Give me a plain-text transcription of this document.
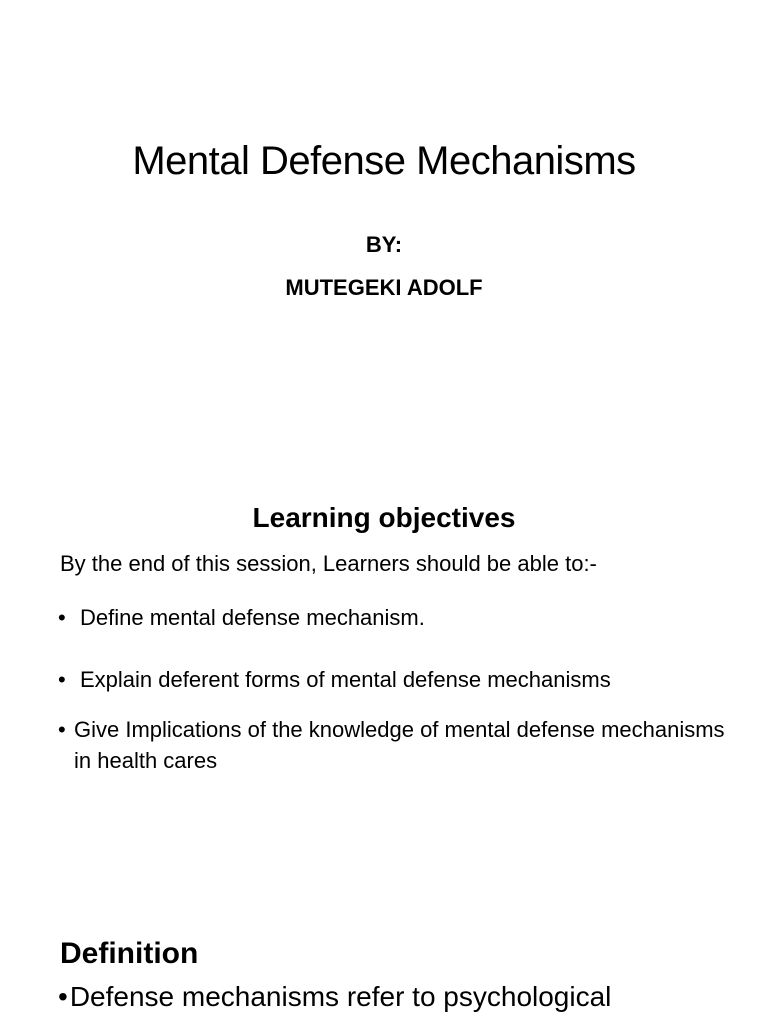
Mental Defense Mechanisms
BY:
MUTEGEKI ADOLF
Learning objectives
By the end of this session, Learners should be able to:-
• Define mental defense mechanism.
• Explain deferent forms of mental defense mechanisms
• Give Implications of the knowledge of mental defense mechanisms in health cares
Definition
•Defense mechanisms refer to psychological
